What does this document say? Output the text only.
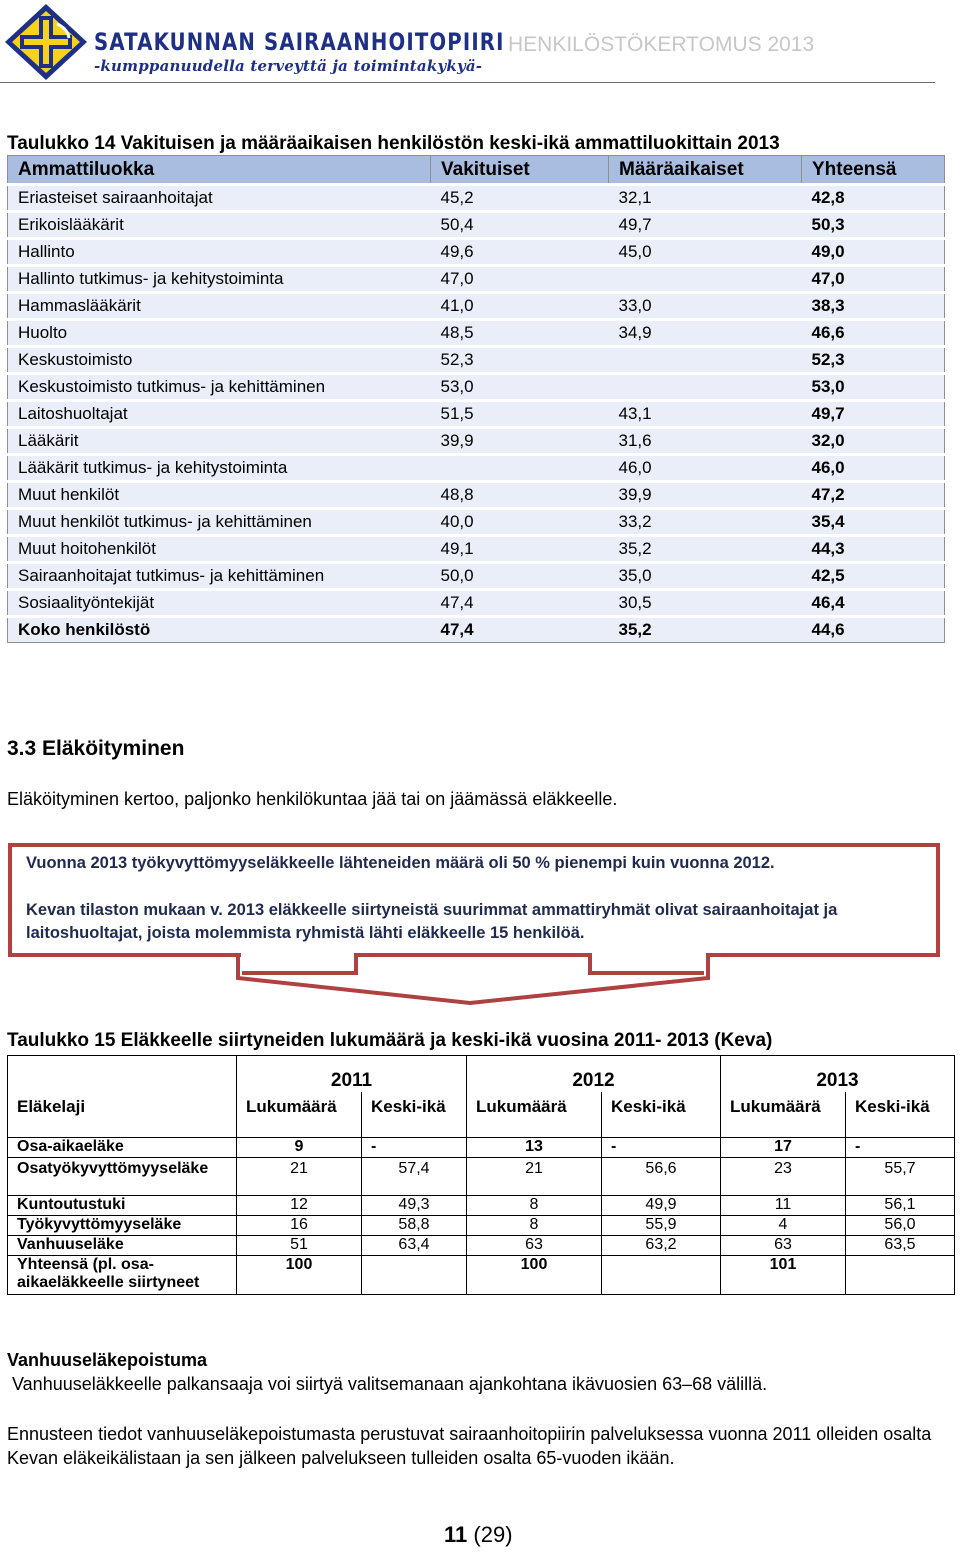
SATAKUNNAN SAIRAANHOITOPIIRI
-kumppanuudella terveyttä ja toimintakykyä-
HENKILÖSTÖKERTOMUS 2013
Taulukko 14 Vakituisen ja määräaikaisen henkilöstön keski-ikä ammattiluokittain 2013
Ammattiluokka	Vakituiset	Määräaikaiset	Yhteensä
Eriasteiset sairaanhoitajat	45,2	32,1	42,8
Erikoislääkärit	50,4	49,7	50,3
Hallinto	49,6	45,0	49,0
Hallinto tutkimus- ja kehitystoiminta	47,0		47,0
Hammaslääkärit	41,0	33,0	38,3
Huolto	48,5	34,9	46,6
Keskustoimisto	52,3		52,3
Keskustoimisto tutkimus- ja kehittäminen	53,0		53,0
Laitoshuoltajat	51,5	43,1	49,7
Lääkärit	39,9	31,6	32,0
Lääkärit tutkimus- ja kehitystoiminta		46,0	46,0
Muut henkilöt	48,8	39,9	47,2
Muut henkilöt tutkimus- ja kehittäminen	40,0	33,2	35,4
Muut hoitohenkilöt	49,1	35,2	44,3
Sairaanhoitajat tutkimus- ja kehittäminen	50,0	35,0	42,5
Sosiaalityöntekijät	47,4	30,5	46,4
Koko henkilöstö	47,4	35,2	44,6
3.3 Eläköityminen
Eläköityminen kertoo, paljonko henkilökuntaa jää tai on jäämässä eläkkeelle.
Vuonna 2013 työkyvyttömyyseläkkeelle lähteneiden määrä oli 50 % pienempi kuin vuonna 2012.
Kevan tilaston mukaan v. 2013 eläkkeelle siirtyneistä suurimmat ammattiryhmät olivat sairaanhoitajat ja laitoshuoltajat, joista molemmista ryhmistä lähti eläkkeelle 15 henkilöä.
Taulukko 15 Eläkkeelle siirtyneiden lukumäärä ja keski-ikä vuosina 2011- 2013 (Keva)
	2011		2012		2013	
Eläkelaji	Lukumäärä	Keski-ikä	Lukumäärä	Keski-ikä	Lukumäärä	Keski-ikä
Osa-aikaeläke	9	-	13	-	17	-
Osatyökyvyttömyyseläke	21	57,4	21	56,6	23	55,7
Kuntoutustuki	12	49,3	8	49,9	11	56,1
Työkyvyttömyyseläke	16	58,8	8	55,9	4	56,0
Vanhuuseläke	51	63,4	63	63,2	63	63,5
Yhteensä (pl. osa-aikaeläkkeelle siirtyneet	100		100		101	
Vanhuuseläkepoistuma
Vanhuuseläkkeelle palkansaaja voi siirtyä valitsemanaan ajankohtana ikävuosien 63–68 välillä.
Ennusteen tiedot vanhuuseläkepoistumasta perustuvat sairaanhoitopiirin palveluksessa vuonna 2011 olleiden osalta Kevan eläkeikälistaan ja sen jälkeen palvelukseen tulleiden osalta 65-vuoden ikään.
11 (29)
